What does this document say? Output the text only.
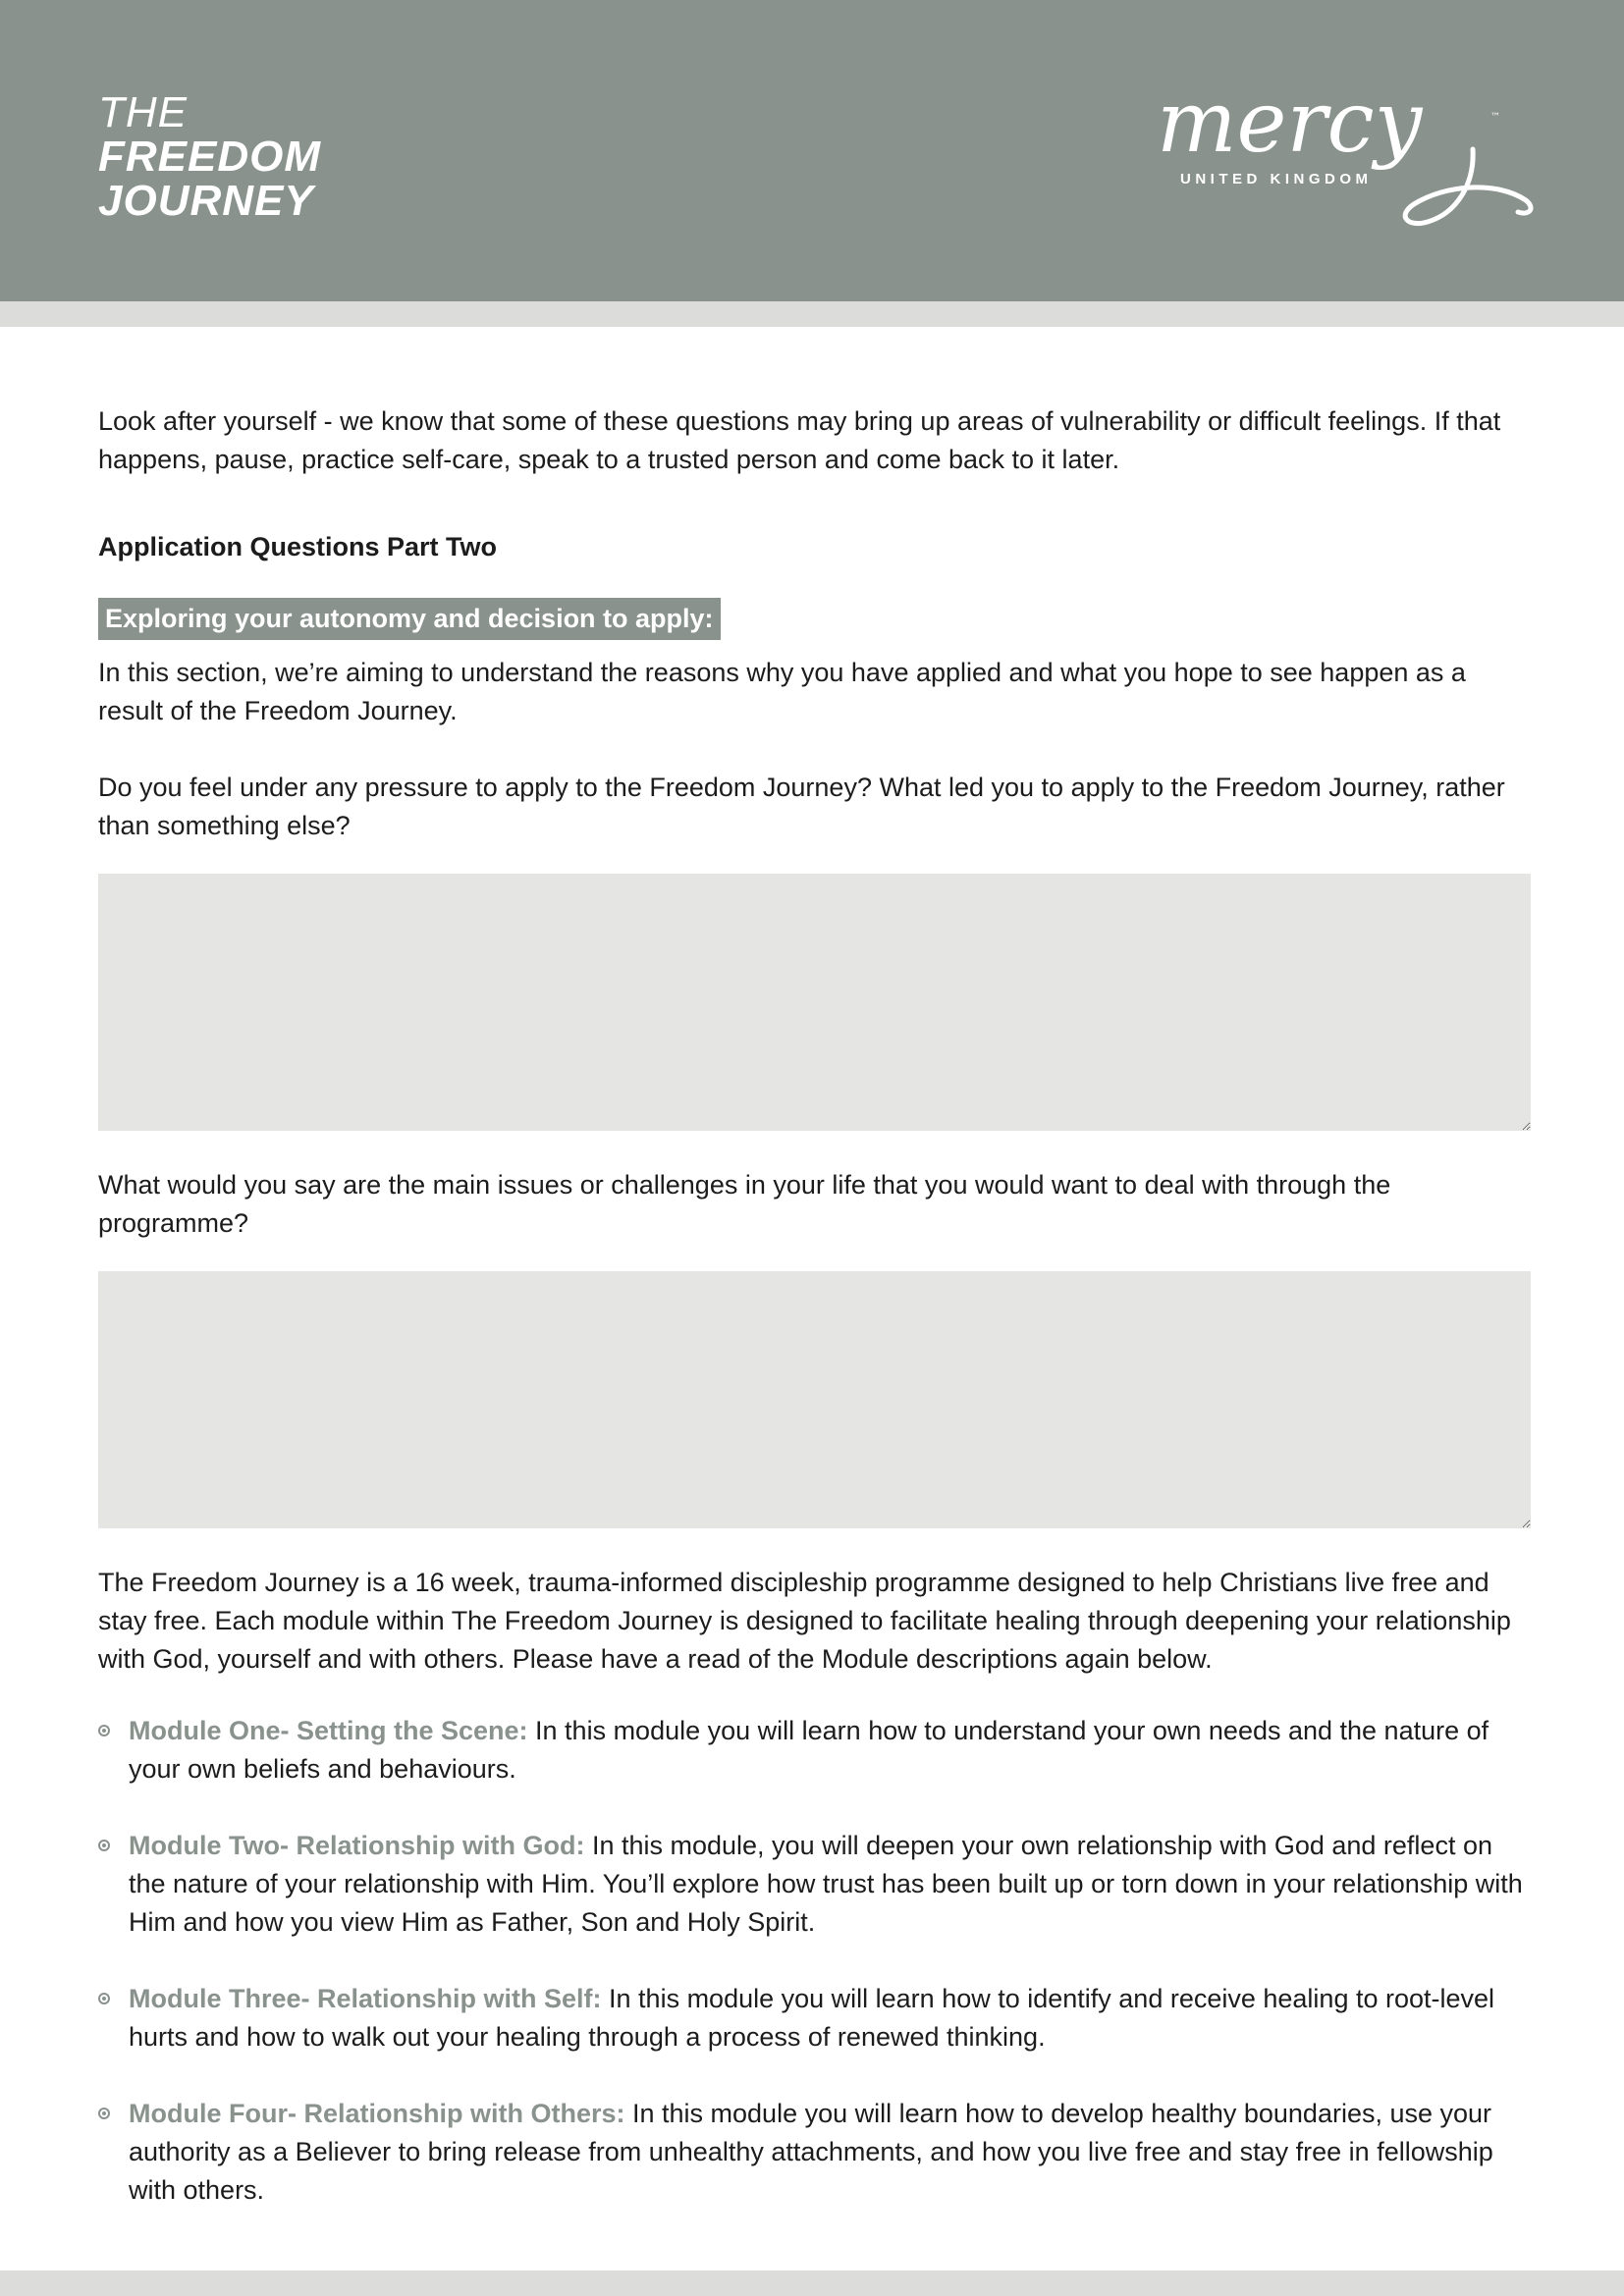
THE
FREEDOM
JOURNEY
mercy	™
UNITED KINGDOM

Look after yourself - we know that some of these questions may bring up areas of vulnerability or difficult feelings. If that happens, pause, practice self-care, speak to a trusted person and come back to it later.

Application Questions Part Two

Exploring your autonomy and decision to apply:

In this section, we’re aiming to understand the reasons why you have applied and what you hope to see happen as a result of the Freedom Journey.

Do you feel under any pressure to apply to the Freedom Journey? What led you to apply to the Freedom Journey, rather than something else?

What would you say are the main issues or challenges in your life that you would want to deal with through the programme?

The Freedom Journey is a 16 week, trauma-informed discipleship programme designed to help Christians live free and stay free. Each module within The Freedom Journey is designed to facilitate healing through deepening your relationship with God, yourself and with others. Please have a read of the Module descriptions again below.

Module One- Setting the Scene: In this module you will learn how to understand your own needs and the nature of your own beliefs and behaviours.
Module Two- Relationship with God: In this module, you will deepen your own relationship with God and reflect on the nature of your relationship with Him. You’ll explore how trust has been built up or torn down in your relationship with Him and how you view Him as Father, Son and Holy Spirit.
Module Three- Relationship with Self: In this module you will learn how to identify and receive healing to root-level hurts and how to walk out your healing through a process of renewed thinking.
Module Four- Relationship with Others: In this module you will learn how to develop healthy boundaries, use your authority as a Believer to bring release from unhealthy attachments, and how you live free and stay free in fellowship with others.
